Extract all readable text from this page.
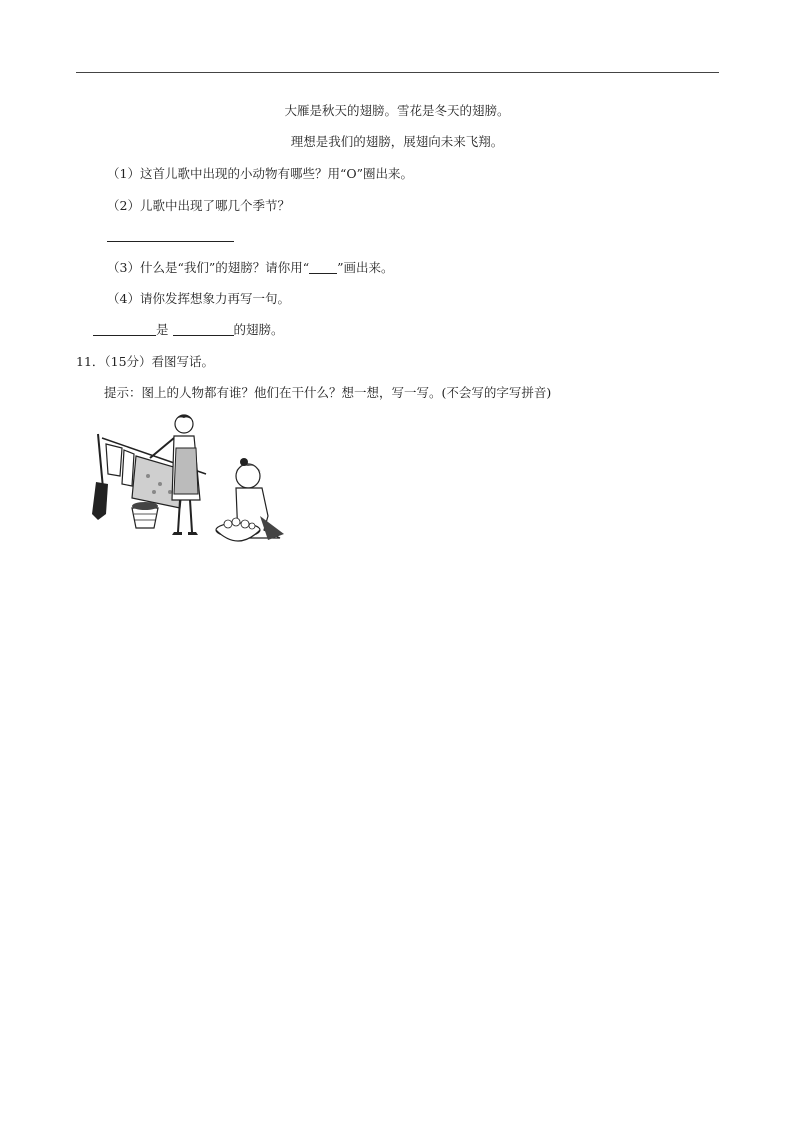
大雁是秋天的翅膀。雪花是冬天的翅膀。
理想是我们的翅膀，展翅向未来飞翔。
（1）这首儿歌中出现的小动物有哪些？用“O”圈出来。
（2）儿歌中出现了哪几个季节？
（3）什么是“我们”的翅膀？请你用“ ”画出来。
（4）请你发挥想象力再写一句。
是	的翅膀。
11．（15分）看图写话。
提示：图上的人物都有谁？他们在干什么？想一想，写一写。(不会写的字写拼音)
